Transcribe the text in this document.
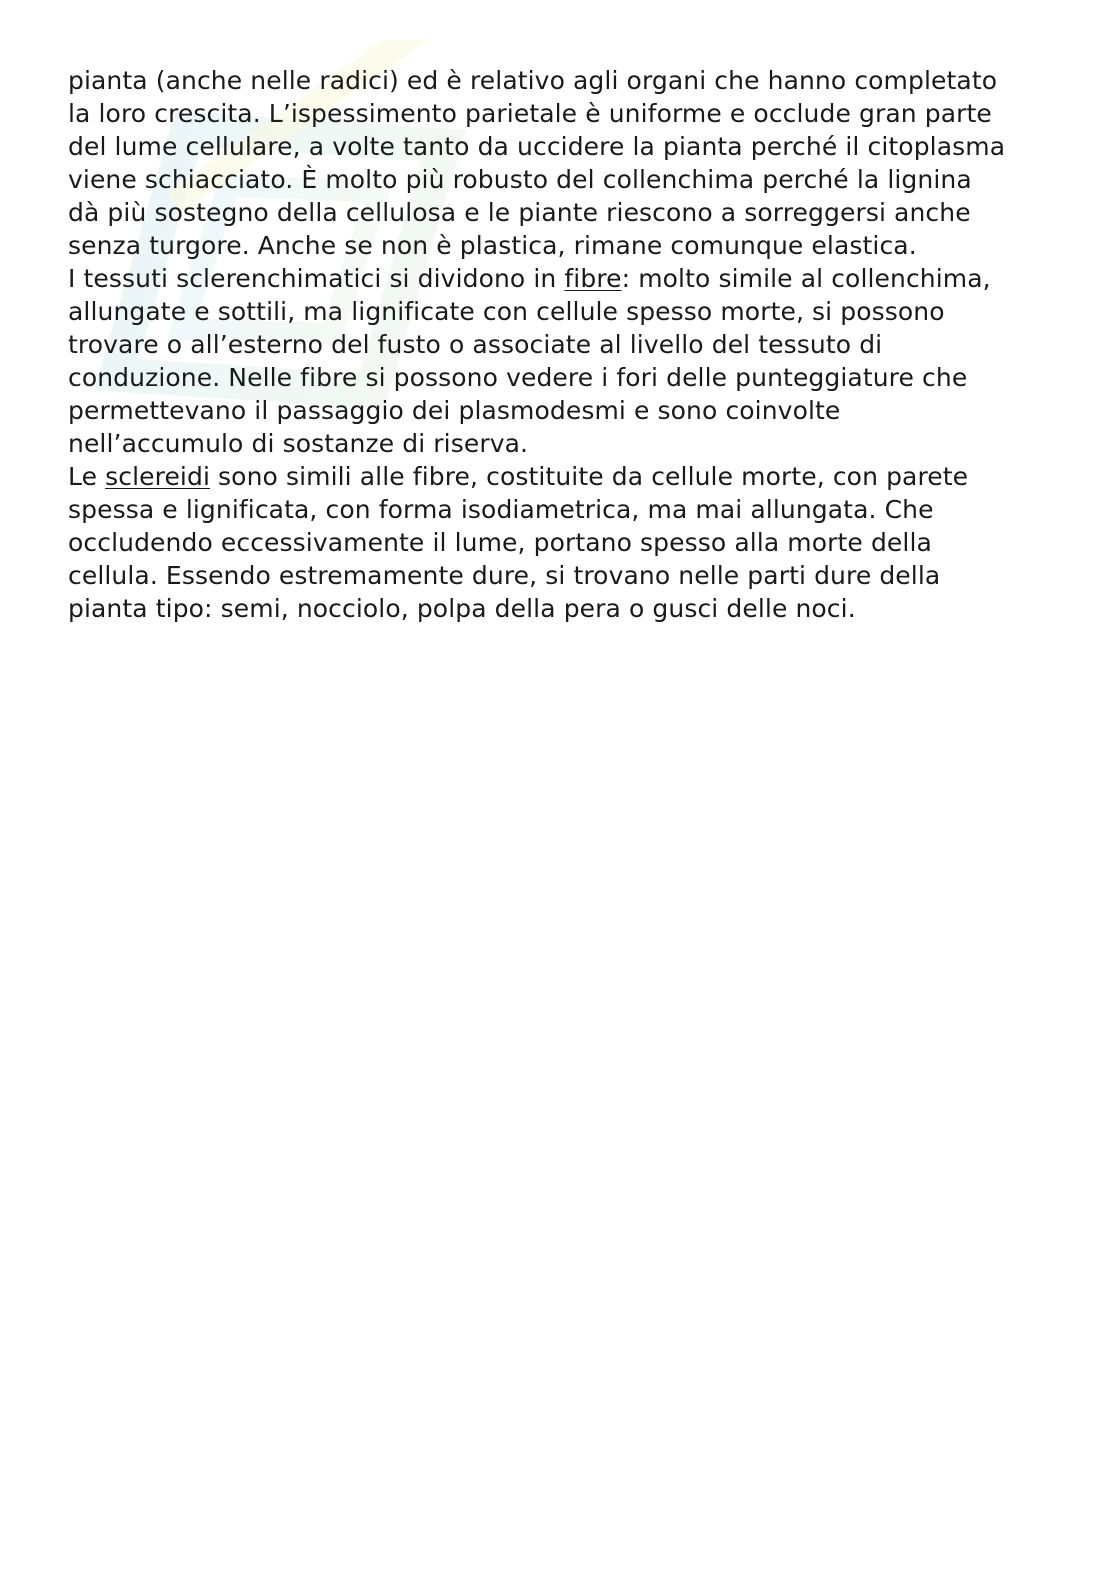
pianta (anche nelle radici) ed è relativo agli organi che hanno completato
la loro crescita. L’ispessimento parietale è uniforme e occlude gran parte
del lume cellulare, a volte tanto da uccidere la pianta perché il citoplasma
viene schiacciato. È molto più robusto del collenchima perché la lignina
dà più sostegno della cellulosa e le piante riescono a sorreggersi anche
senza turgore. Anche se non è plastica, rimane comunque elastica.

I tessuti sclerenchimatici si dividono in fibre: molto simile al collenchima,
allungate e sottili, ma lignificate con cellule spesso morte, si possono
trovare o all’esterno del fusto o associate al livello del tessuto di
conduzione. Nelle fibre si possono vedere i fori delle punteggiature che
permettevano il passaggio dei plasmodesmi e sono coinvolte
nell’accumulo di sostanze di riserva.

Le sclereidi sono simili alle fibre, costituite da cellule morte, con parete
spessa e lignificata, con forma isodiametrica, ma mai allungata. Che
occludendo eccessivamente il lume, portano spesso alla morte della
cellula. Essendo estremamente dure, si trovano nelle parti dure della
pianta tipo: semi, nocciolo, polpa della pera o gusci delle noci.
